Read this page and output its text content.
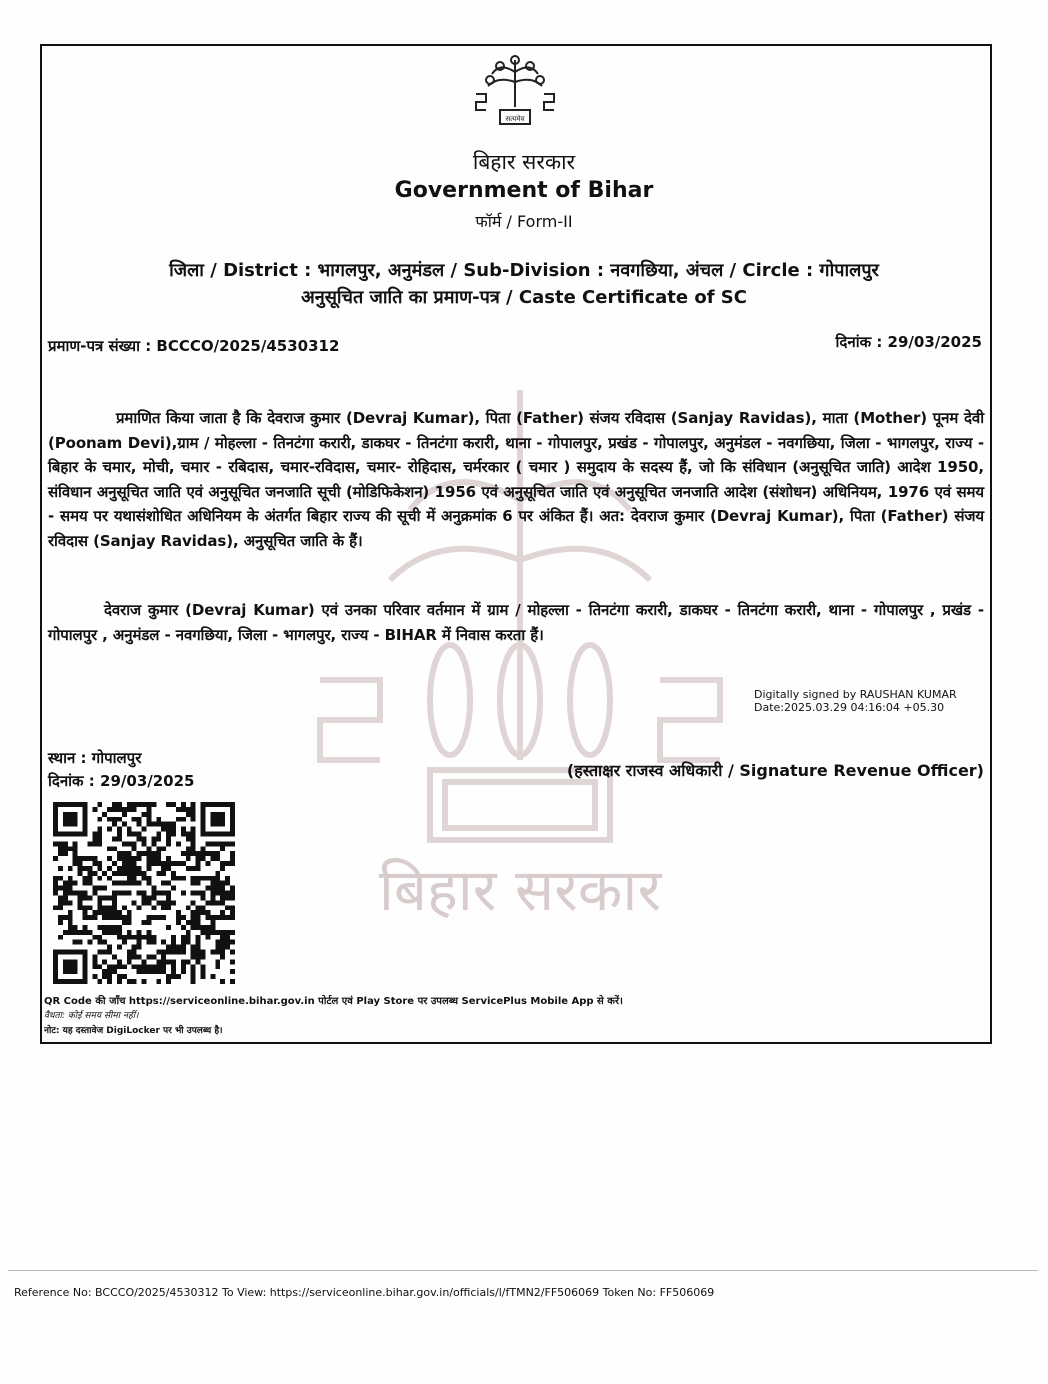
बिहार सरकार
सत्यमेव
बिहार सरकार
Government of Bihar
फॉर्म / Form-II
जिला / District : भागलपुर, अनुमंडल / Sub-Division : नवगछिया, अंचल / Circle : गोपालपुर
अनुसूचित जाति का प्रमाण-पत्र / Caste Certificate of SC
प्रमाण-पत्र संख्या : BCCCO/2025/4530312	दिनांक : 29/03/2025
प्रमाणित किया जाता है कि देवराज कुमार (Devraj Kumar), पिता (Father) संजय रविदास (Sanjay Ravidas), माता (Mother) पूनम देवी (Poonam Devi),ग्राम / मोहल्ला - तिनटंगा करारी, डाकघर - तिनटंगा करारी, थाना - गोपालपुर, प्रखंड - गोपालपुर, अनुमंडल - नवगछिया, जिला - भागलपुर, राज्य - बिहार के चमार, मोची, चमार - रबिदास, चमार-रविदास, चमार- रोहिदास, चर्मरकार ( चमार ) समुदाय के सदस्य हैं, जो कि संविधान (अनुसूचित जाति) आदेश 1950, संविधान अनुसूचित जाति एवं अनुसूचित जनजाति सूची (मोडिफिकेशन) 1956 एवं अनुसूचित जाति एवं अनुसूचित जनजाति आदेश (संशोधन) अधिनियम, 1976 एवं समय - समय पर यथासंशोधित अधिनियम के अंतर्गत बिहार राज्य की सूची में अनुक्रमांक 6 पर अंकित हैं। अत: देवराज कुमार (Devraj Kumar), पिता (Father) संजय रविदास (Sanjay Ravidas), अनुसूचित जाति के हैं।
देवराज कुमार (Devraj Kumar) एवं उनका परिवार वर्तमान में ग्राम / मोहल्ला - तिनटंगा करारी, डाकघर - तिनटंगा करारी, थाना - गोपालपुर , प्रखंड - गोपालपुर , अनुमंडल - नवगछिया, जिला - भागलपुर, राज्य - BIHAR में निवास करता हैं।
Digitally signed by RAUSHAN KUMAR
Date:2025.03.29 04:16:04 +05.30
स्थान : गोपालपुर
दिनांक : 29/03/2025
(हस्ताक्षर राजस्व अधिकारी / Signature Revenue Officer)
QR Code की जाँच https://serviceonline.bihar.gov.in पोर्टल एवं Play Store पर उपलब्ध ServicePlus Mobile App से करें।
वैधता: कोई समय सीमा नहीं।
नोट: यह दस्तावेज DigiLocker पर भी उपलब्ध है।
Reference No: BCCCO/2025/4530312 To View: https://serviceonline.bihar.gov.in/officials/l/fTMN2/FF506069 Token No: FF506069
